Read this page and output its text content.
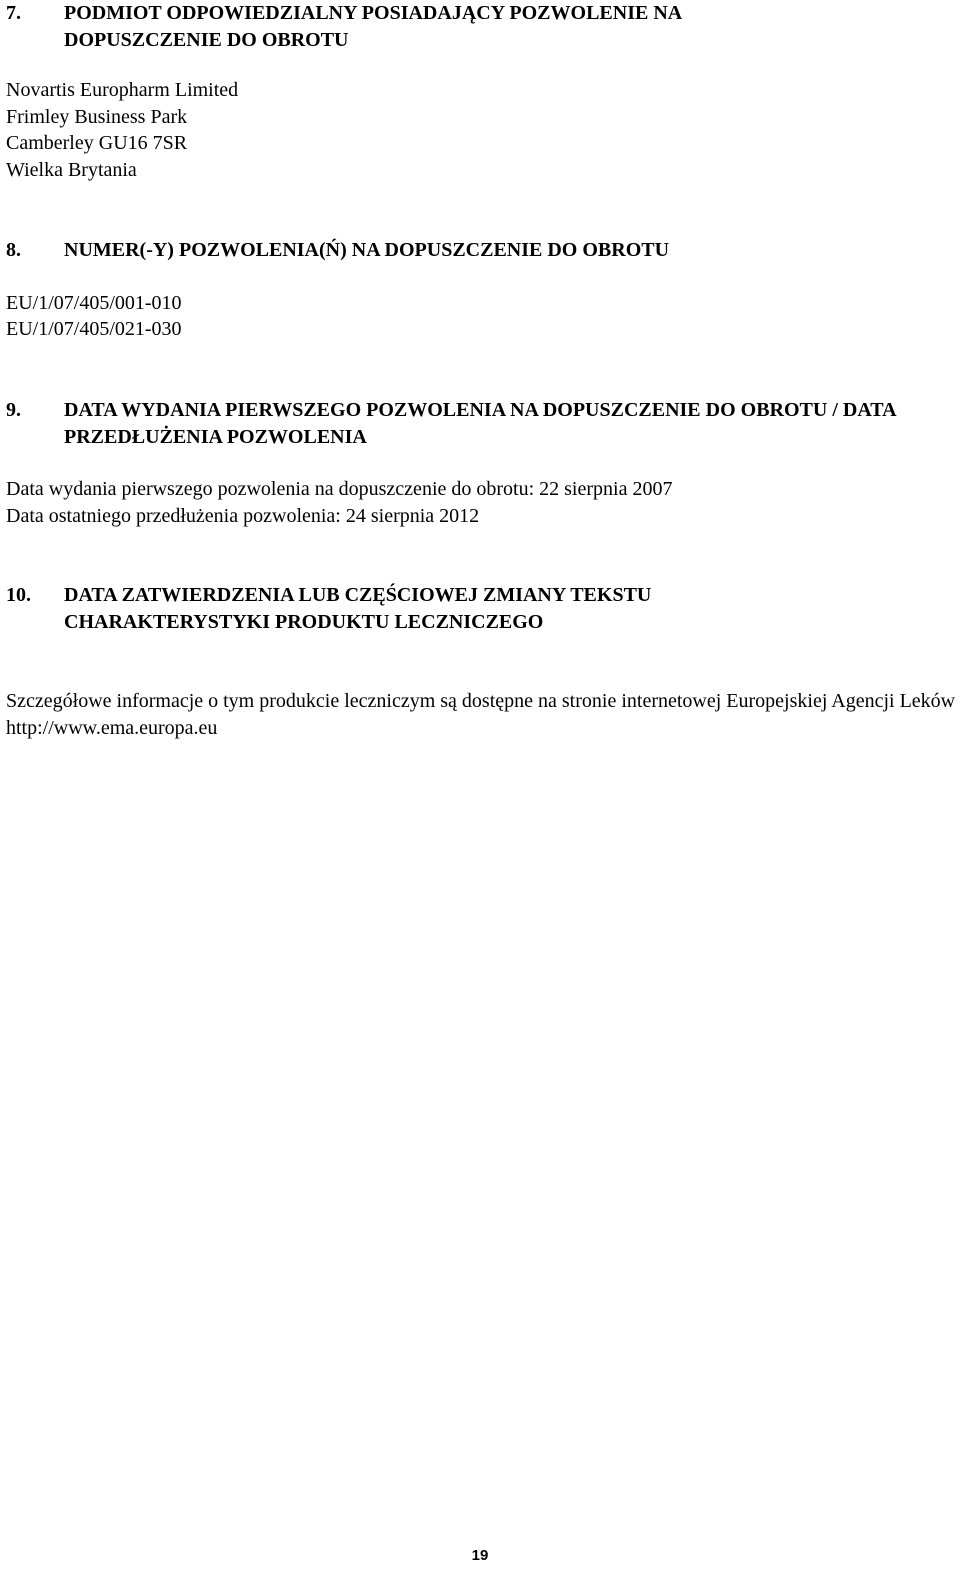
7.	PODMIOT ODPOWIEDZIALNY POSIADAJĄCY POZWOLENIE NA DOPUSZCZENIE DO OBROTU
Novartis Europharm Limited
Frimley Business Park
Camberley GU16 7SR
Wielka Brytania
8.	NUMER(-Y) POZWOLENIA(Ń) NA DOPUSZCZENIE DO OBROTU
EU/1/07/405/001-010
EU/1/07/405/021-030
9.	DATA WYDANIA PIERWSZEGO POZWOLENIA NA DOPUSZCZENIE DO OBROTU / DATA PRZEDŁUŻENIA POZWOLENIA
Data wydania pierwszego pozwolenia na dopuszczenie do obrotu: 22 sierpnia 2007
Data ostatniego przedłużenia pozwolenia: 24 sierpnia 2012
10.	DATA ZATWIERDZENIA LUB CZĘŚCIOWEJ ZMIANY TEKSTU CHARAKTERYSTYKI PRODUKTU LECZNICZEGO
Szczegółowe informacje o tym produkcie leczniczym są dostępne na stronie internetowej Europejskiej Agencji Leków http://www.ema.europa.eu
19
